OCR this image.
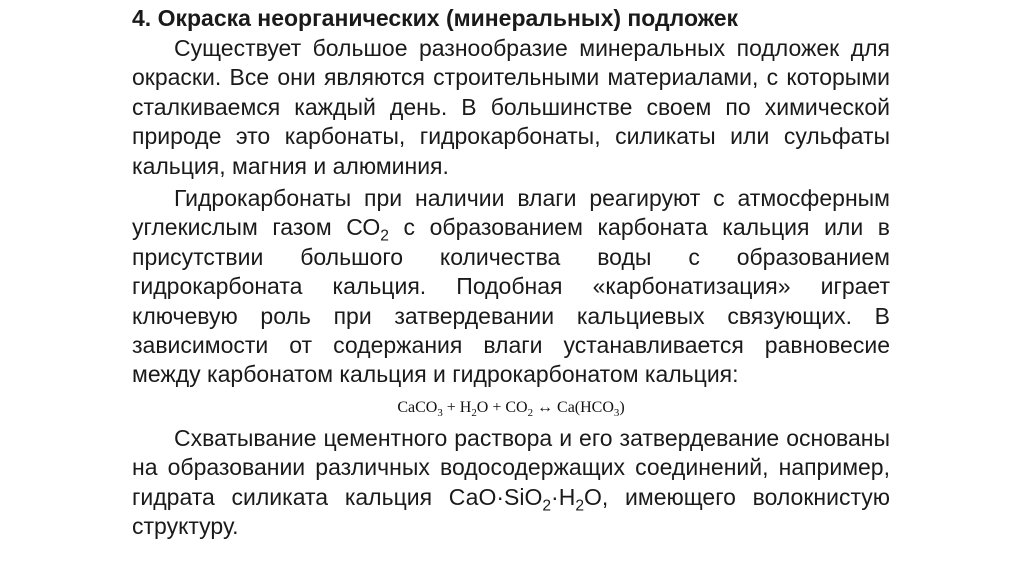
4. Окраска неорганических (минеральных) подложек

Существует большое разнообразие минеральных подложек для окраски. Все они являются строительными материалами, с которыми сталкиваемся каждый день. В большинстве своем по химической природе это карбонаты, гидрокарбонаты, силикаты или сульфаты кальция, магния и алюминия.

Гидрокарбонаты при наличии влаги реагируют с атмосферным углекислым газом $СО_2$ с образованием карбоната кальция или в присутствии большого количества воды с образованием гидрокарбоната кальция. Подобная «карбонатизация» играет ключевую роль при затвердевании кальциевых связующих. В зависимости от содержания влаги устанавливается равновесие между карбонатом кальция и гидрокарбонатом кальция:

CaCO$_3$ + $H_2O + CO_2$ ↔ $Ca(HCO_3)$

Схватывание цементного раствора и его затвердевание основаны на образовании различных водосодержащих соединений, например, гидрата силиката кальция $СаО\cdot SiO_2\cdot H_2O$, имеющего волокнистую структуру.
